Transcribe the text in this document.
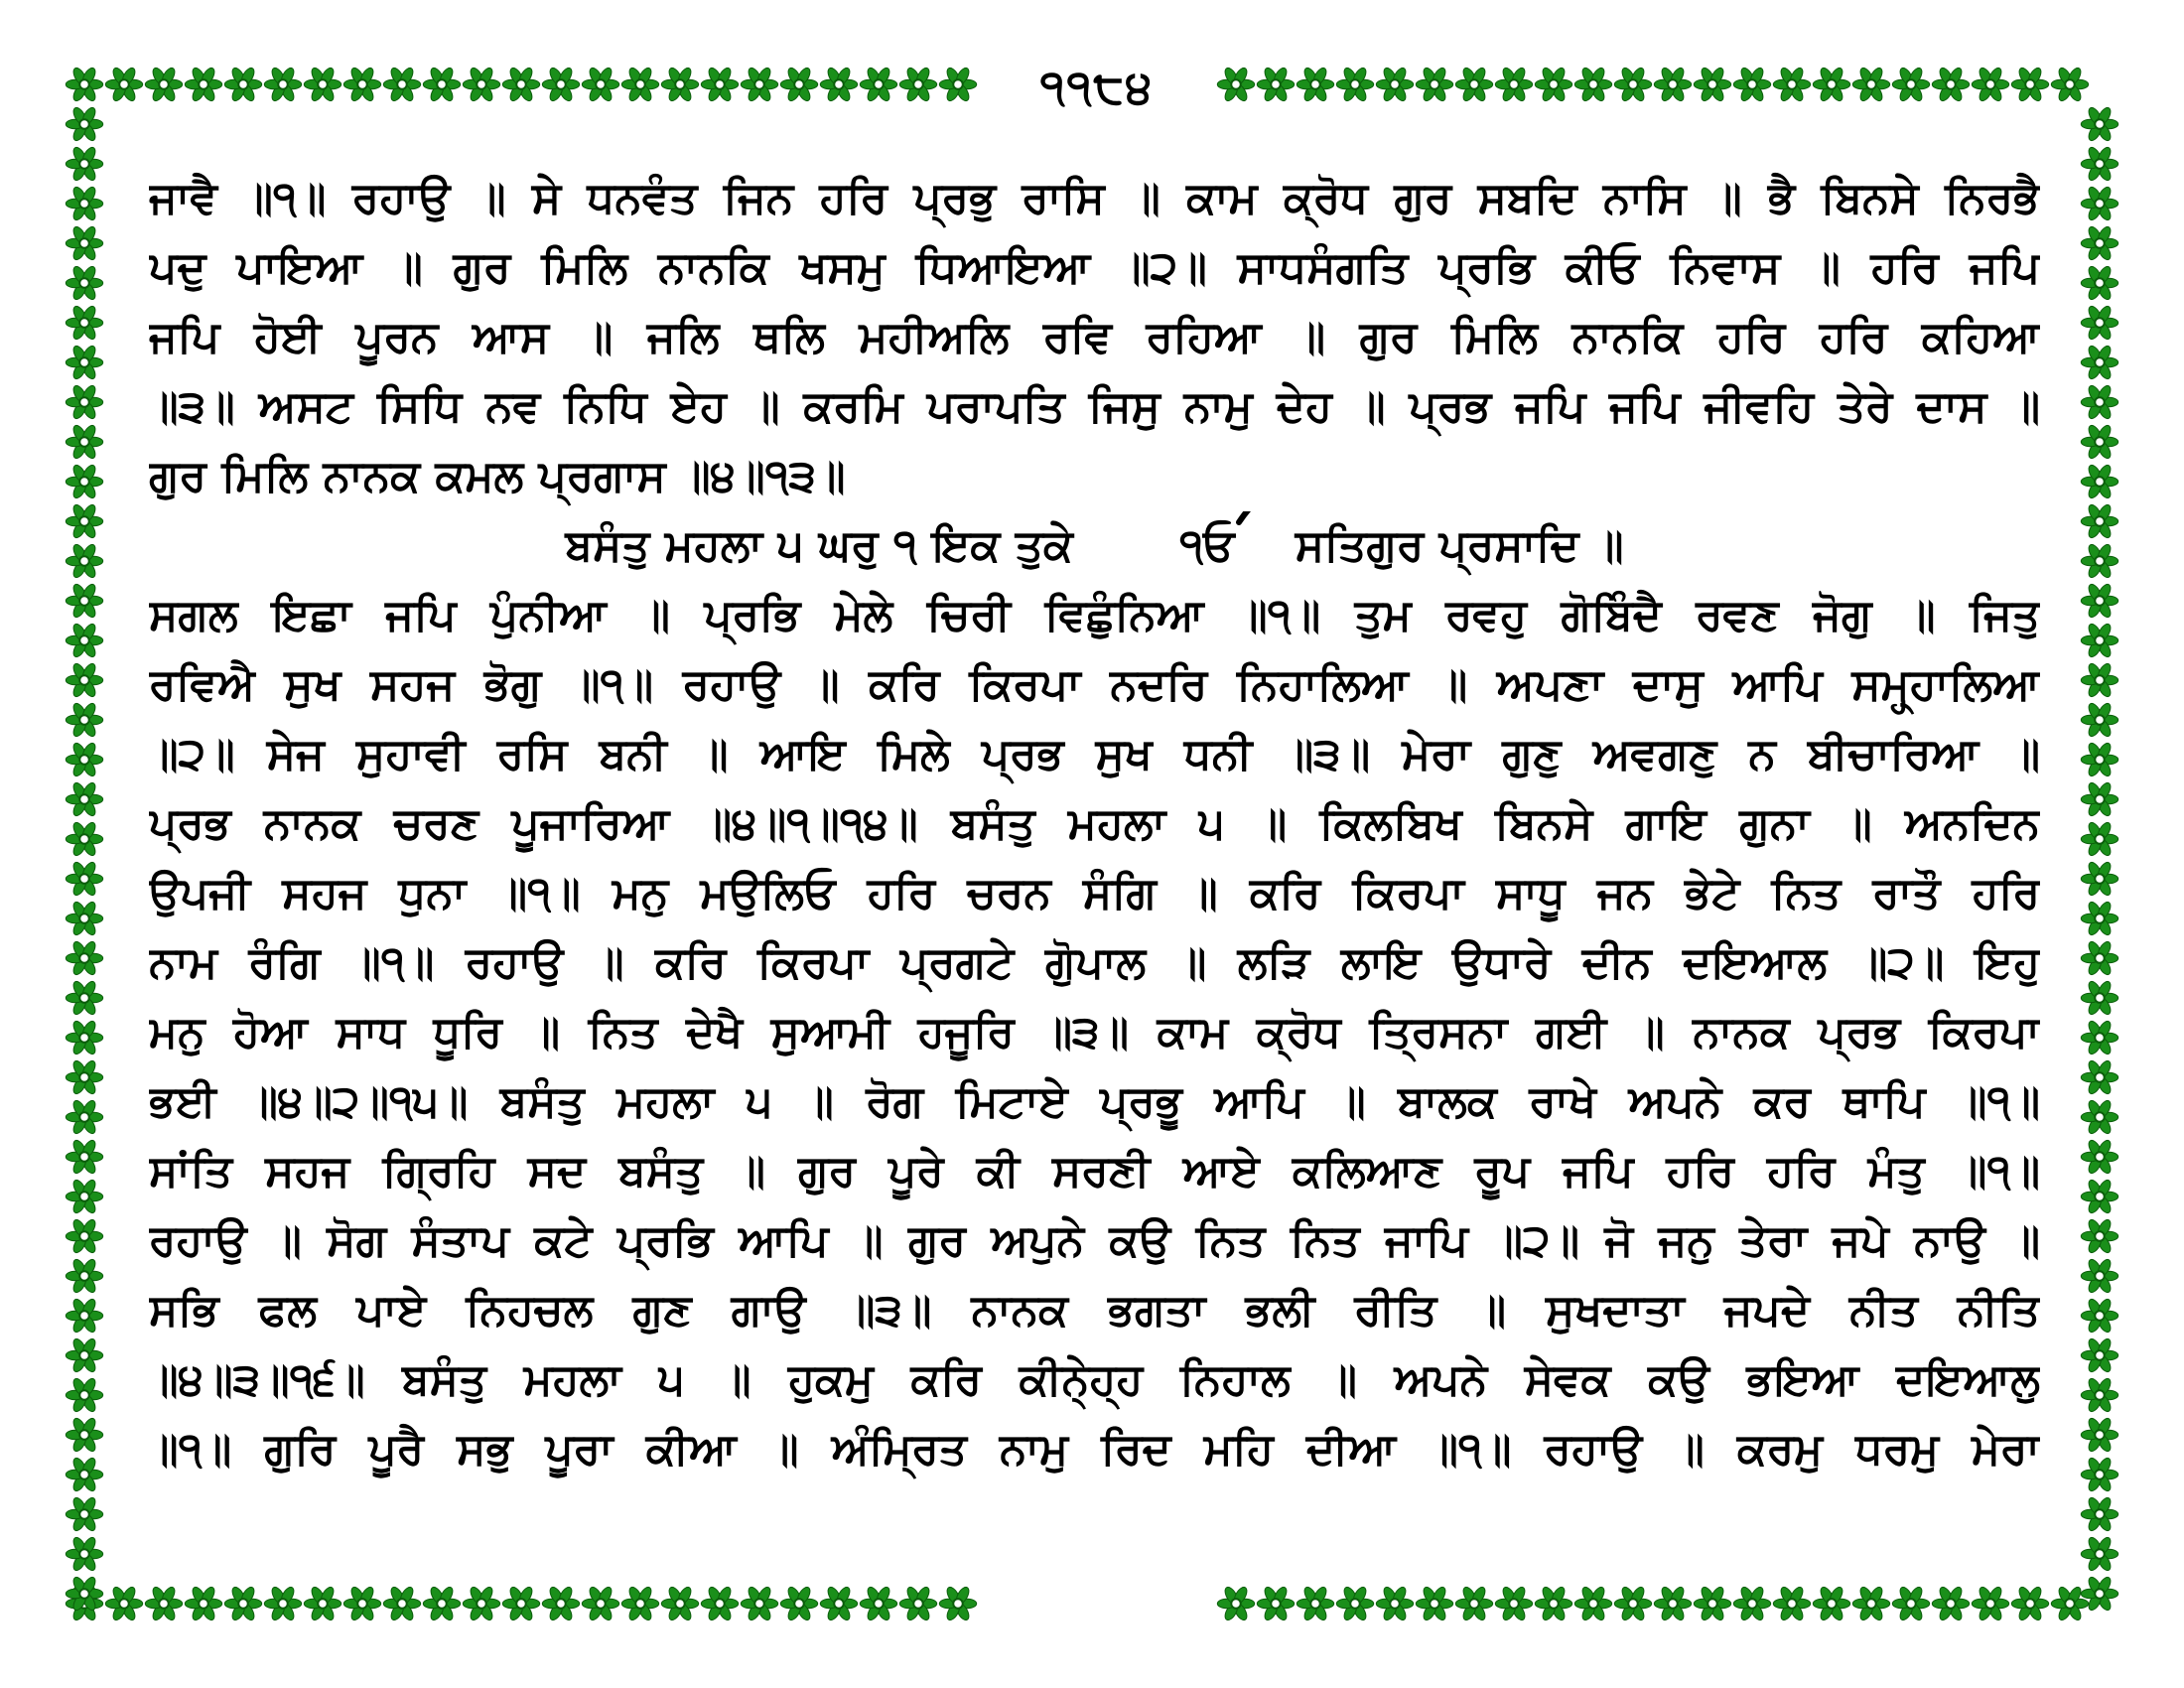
੧੧੮੪
ਜਾਵੈ ॥੧॥ ਰਹਾਉ ॥ ਸੇ ਧਨਵੰਤ ਜਿਨ ਹਰਿ ਪ੍ਰਭੁ ਰਾਸਿ ॥ ਕਾਮ ਕ੍ਰੋਧ ਗੁਰ ਸਬਦਿ ਨਾਸਿ ॥ ਭੈ ਬਿਨਸੇ ਨਿਰਭੈ
ਪਦੁ ਪਾਇਆ ॥ ਗੁਰ ਮਿਲਿ ਨਾਨਕਿ ਖਸਮੁ ਧਿਆਇਆ ॥੨॥ ਸਾਧਸੰਗਤਿ ਪ੍ਰਭਿ ਕੀਓ ਨਿਵਾਸ ॥ ਹਰਿ ਜਪਿ
ਜਪਿ ਹੋਈ ਪੂਰਨ ਆਸ ॥ ਜਲਿ ਥਲਿ ਮਹੀਅਲਿ ਰਵਿ ਰਹਿਆ ॥ ਗੁਰ ਮਿਲਿ ਨਾਨਕਿ ਹਰਿ ਹਰਿ ਕਹਿਆ
॥੩॥ ਅਸਟ ਸਿਧਿ ਨਵ ਨਿਧਿ ਏਹ ॥ ਕਰਮਿ ਪਰਾਪਤਿ ਜਿਸੁ ਨਾਮੁ ਦੇਹ ॥ ਪ੍ਰਭ ਜਪਿ ਜਪਿ ਜੀਵਹਿ ਤੇਰੇ ਦਾਸ ॥
ਗੁਰ ਮਿਲਿ ਨਾਨਕ ਕਮਲ ਪ੍ਰਗਾਸ ॥੪॥੧੩॥
ਬਸੰਤੁ ਮਹਲਾ ੫ ਘਰੁ ੧ ਇਕ ਤੁਕੇ ੧ਓ ਸਤਿਗੁਰ ਪ੍ਰਸਾਦਿ ॥
ਸਗਲ ਇਛਾ ਜਪਿ ਪੁੰਨੀਆ ॥ ਪ੍ਰਭਿ ਮੇਲੇ ਚਿਰੀ ਵਿਛੁੰਨਿਆ ॥੧॥ ਤੁਮ ਰਵਹੁ ਗੋਬਿੰਦੈ ਰਵਣ ਜੋਗੁ ॥ ਜਿਤੁ
ਰਵਿਐ ਸੁਖ ਸਹਜ ਭੋਗੁ ॥੧॥ ਰਹਾਉ ॥ ਕਰਿ ਕਿਰਪਾ ਨਦਰਿ ਨਿਹਾਲਿਆ ॥ ਅਪਣਾ ਦਾਸੁ ਆਪਿ ਸਮ੍ਹ੍ਹਾਲਿਆ
॥੨॥ ਸੇਜ ਸੁਹਾਵੀ ਰਸਿ ਬਨੀ ॥ ਆਇ ਮਿਲੇ ਪ੍ਰਭ ਸੁਖ ਧਨੀ ॥੩॥ ਮੇਰਾ ਗੁਣੁ ਅਵਗਣੁ ਨ ਬੀਚਾਰਿਆ ॥
ਪ੍ਰਭ ਨਾਨਕ ਚਰਣ ਪੂਜਾਰਿਆ ॥੪॥੧॥੧੪॥ ਬਸੰਤੁ ਮਹਲਾ ੫ ॥ ਕਿਲਬਿਖ ਬਿਨਸੇ ਗਾਇ ਗੁਨਾ ॥ ਅਨਦਿਨ
ਉਪਜੀ ਸਹਜ ਧੁਨਾ ॥੧॥ ਮਨੁ ਮਉਲਿਓ ਹਰਿ ਚਰਨ ਸੰਗਿ ॥ ਕਰਿ ਕਿਰਪਾ ਸਾਧੂ ਜਨ ਭੇਟੇ ਨਿਤ ਰਾਤੌ ਹਰਿ
ਨਾਮ ਰੰਗਿ ॥੧॥ ਰਹਾਉ ॥ ਕਰਿ ਕਿਰਪਾ ਪ੍ਰਗਟੇ ਗੋੁਪਾਲ ॥ ਲੜਿ ਲਾਇ ਉਧਾਰੇ ਦੀਨ ਦਇਆਲ ॥੨॥ ਇਹੁ
ਮਨੁ ਹੋਆ ਸਾਧ ਧੂਰਿ ॥ ਨਿਤ ਦੇਖੈ ਸੁਆਮੀ ਹਜੂਰਿ ॥੩॥ ਕਾਮ ਕ੍ਰੋਧ ਤ੍ਰਿਸਨਾ ਗਈ ॥ ਨਾਨਕ ਪ੍ਰਭ ਕਿਰਪਾ
ਭਈ ॥੪॥੨॥੧੫॥ ਬਸੰਤੁ ਮਹਲਾ ੫ ॥ ਰੋਗ ਮਿਟਾਏ ਪ੍ਰਭੂ ਆਪਿ ॥ ਬਾਲਕ ਰਾਖੇ ਅਪਨੇ ਕਰ ਥਾਪਿ ॥੧॥
ਸਾਂਤਿ ਸਹਜ ਗ੍ਰਿਹਿ ਸਦ ਬਸੰਤੁ ॥ ਗੁਰ ਪੂਰੇ ਕੀ ਸਰਣੀ ਆਏ ਕਲਿਆਣ ਰੂਪ ਜਪਿ ਹਰਿ ਹਰਿ ਮੰਤੁ ॥੧॥
ਰਹਾਉ ॥ ਸੋਗ ਸੰਤਾਪ ਕਟੇ ਪ੍ਰਭਿ ਆਪਿ ॥ ਗੁਰ ਅਪੁਨੇ ਕਉ ਨਿਤ ਨਿਤ ਜਾਪਿ ॥੨॥ ਜੋ ਜਨੁ ਤੇਰਾ ਜਪੇ ਨਾਉ ॥
ਸਭਿ ਫਲ ਪਾਏ ਨਿਹਚਲ ਗੁਣ ਗਾਉ ॥੩॥ ਨਾਨਕ ਭਗਤਾ ਭਲੀ ਰੀਤਿ ॥ ਸੁਖਦਾਤਾ ਜਪਦੇ ਨੀਤ ਨੀਤਿ
॥੪॥੩॥੧੬॥ ਬਸੰਤੁ ਮਹਲਾ ੫ ॥ ਹੁਕਮੁ ਕਰਿ ਕੀਨੇ੍ਹ੍ਹ ਨਿਹਾਲ ॥ ਅਪਨੇ ਸੇਵਕ ਕਉ ਭਇਆ ਦਇਆਲੁ
॥੧॥ ਗੁਰਿ ਪੂਰੈ ਸਭੁ ਪੂਰਾ ਕੀਆ ॥ ਅੰਮ੍ਰਿਤ ਨਾਮੁ ਰਿਦ ਮਹਿ ਦੀਆ ॥੧॥ ਰਹਾਉ ॥ ਕਰਮੁ ਧਰਮੁ ਮੇਰਾ
